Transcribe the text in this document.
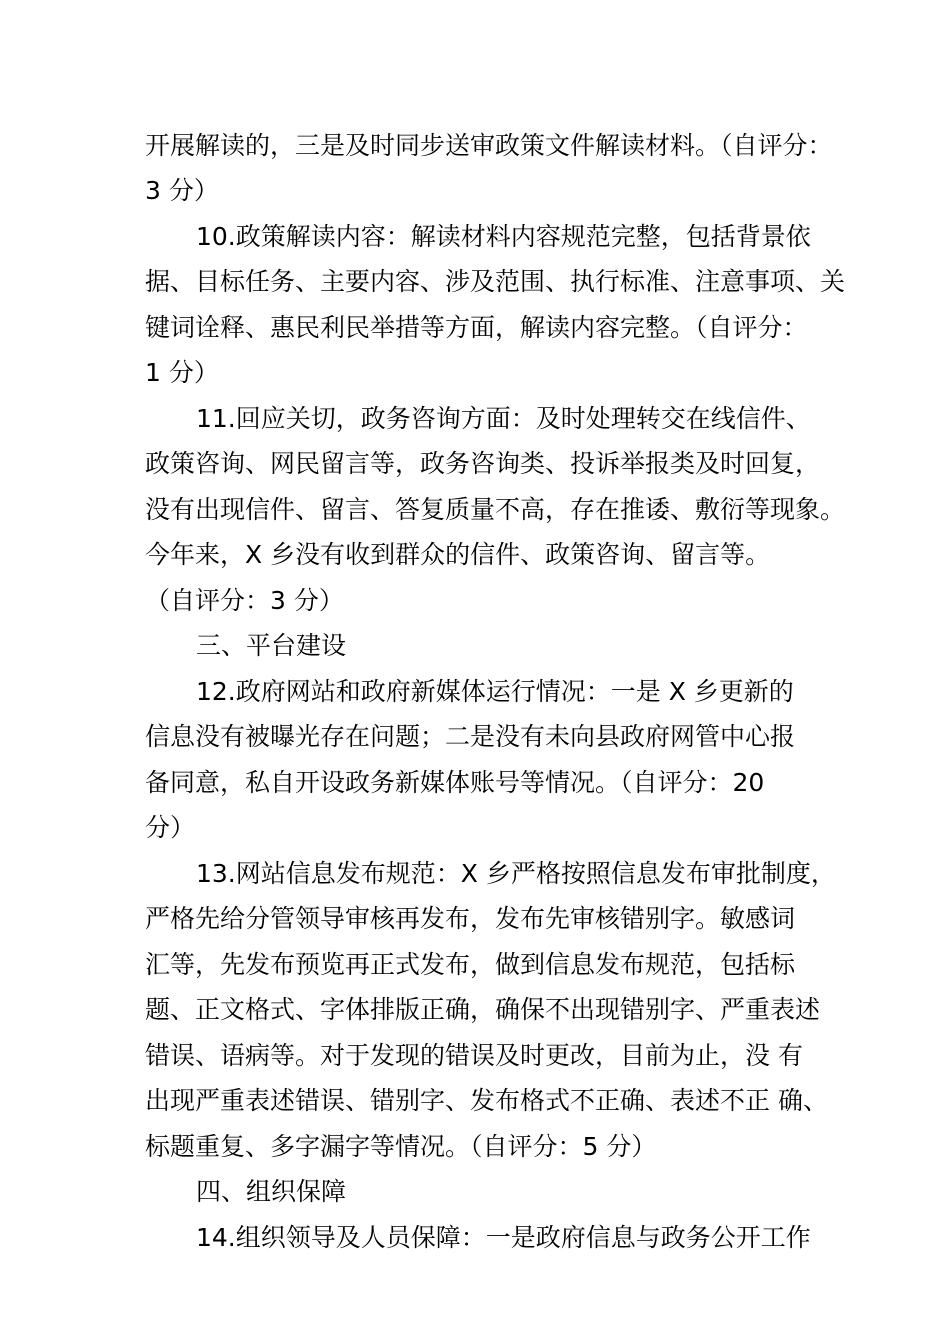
开展解读的，三是及时同步送审政策文件解读材料。（自评分：
3 分）
10.政策解读内容：解读材料内容规范完整，包括背景依
据、目标任务、主要内容、涉及范围、执行标准、注意事项、关
键词诠释、惠民利民举措等方面，解读内容完整。（自评分：
1 分）
11.回应关切，政务咨询方面：及时处理转交在线信件、
政策咨询、网民留言等，政务咨询类、投诉举报类及时回复，
没有出现信件、留言、答复质量不高，存在推诿、敷衍等现象。
今年来，X 乡没有收到群众的信件、政策咨询、留言等。
（自评分：3 分）
三、平台建设
12.政府网站和政府新媒体运行情况：一是 X 乡更新的
信息没有被曝光存在问题；二是没有未向县政府网管中心报
备同意，私自开设政务新媒体账号等情况。（自评分：20
分）
13.网站信息发布规范：X 乡严格按照信息发布审批制度，
严格先给分管领导审核再发布，发布先审核错别字。敏感词
汇等，先发布预览再正式发布，做到信息发布规范，包括标
题、正文格式、字体排版正确，确保不出现错别字、严重表述
错误、语病等。对于发现的错误及时更改，目前为止，没 有
出现严重表述错误、错别字、发布格式不正确、表述不正 确、
标题重复、多字漏字等情况。（自评分：5 分）
四、组织保障
14.组织领导及人员保障：一是政府信息与政务公开工作
